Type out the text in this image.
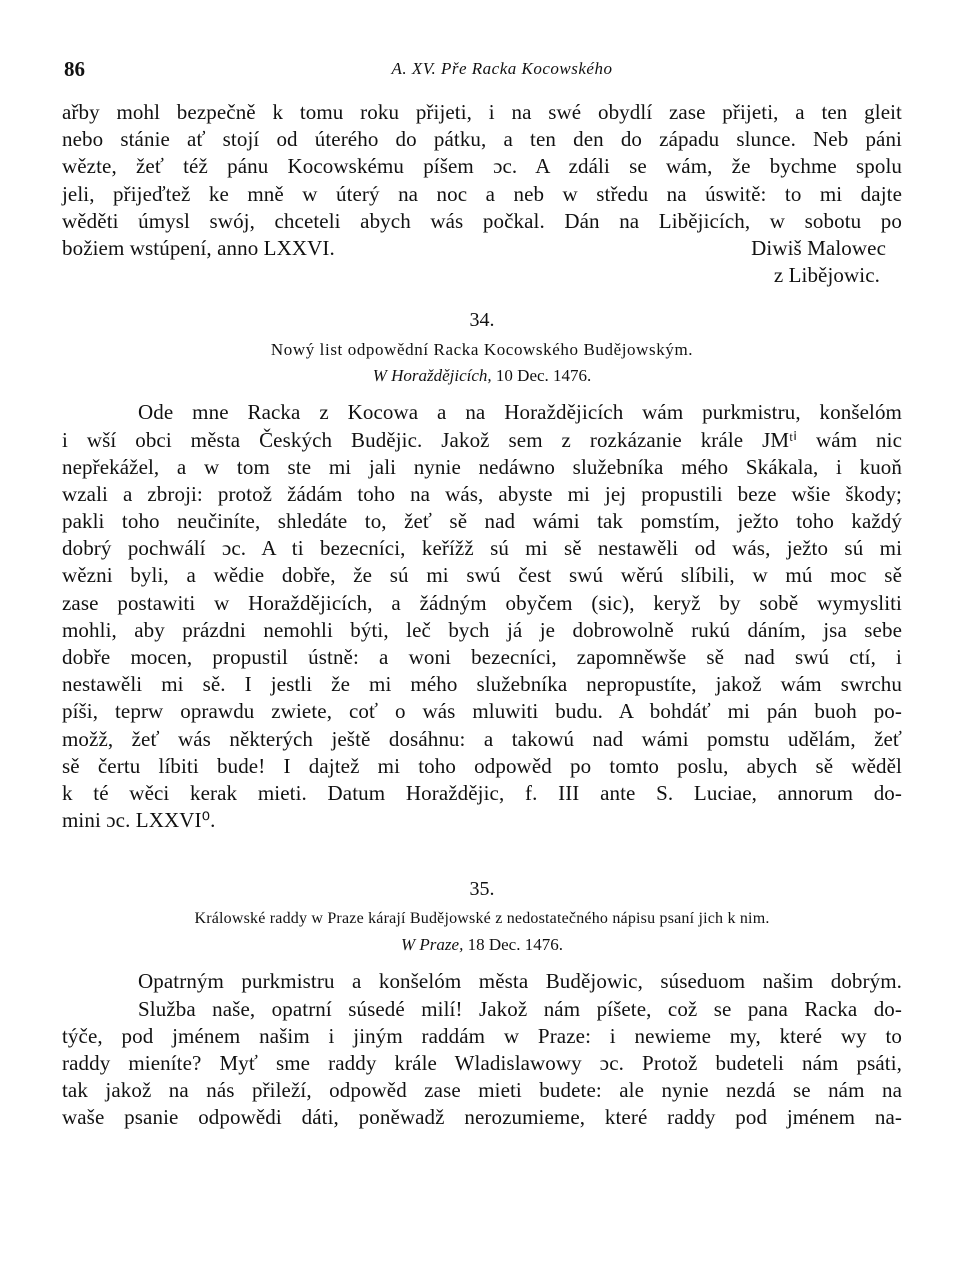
86	A. XV. Pře Racka Kocowského
ařby mohl bezpečně k tomu roku přijeti, i na swé obydlí zase přijeti, a ten gleit
nebo stánie ať stojí od úterého do pátku, a ten den do západu slunce. Neb páni
wězte, žeť též pánu Kocowskému píšem ɔc. A zdáli se wám, že bychme spolu
jeli, přijeďtež ke mně w úterý na noc a neb w středu na úswitě: to mi dajte
wěděti úmysl swój, chceteli abych wás počkal. Dán na Libějicích, w sobotu po
božiem wstúpení, anno LXXVI.	Diwiš Malowec
z Libějowic.
34.
Nowý list odpowědní Racka Kocowského Budějowským.
W Horaždějicích, 10 Dec. 1476.
Ode mne Racka z Kocowa a na Horaždějicích wám purkmistru, konšelóm
i wší obci města Českých Budějic. Jakož sem z rozkázanie krále JMᵗⁱ wám nic
nepřekážel, a w tom ste mi jali nynie nedáwno služebníka mého Skákala, i kuoň
wzali a zbroji: protož žádám toho na wás, abyste mi jej propustili beze wšie škody;
pakli toho neučiníte, shledáte to, žeť sě nad wámi tak pomstím, ježto toho každý
dobrý pochwálí ɔc. A ti bezecníci, keřížž sú mi sě nestawěli od wás, ježto sú mi
wězni byli, a wědie dobře, že sú mi swú čest swú wěrú slíbili, w mú moc sě
zase postawiti w Horaždějicích, a žádným obyčem (sic), keryž by sobě wymysliti
mohli, aby prázdni nemohli býti, leč bych já je dobrowolně rukú dáním, jsa sebe
dobře mocen, propustil ústně: a woni bezecníci, zapomněwše sě nad swú ctí, i
nestawěli mi sě. I jestli že mi mého služebníka nepropustíte, jakož wám swrchu
píši, teprw oprawdu zwiete, coť o wás mluwiti budu. A bohdáť mi pán buoh po-
možž, žeť wás některých ještě dosáhnu: a takowú nad wámi pomstu udělám, žeť
sě čertu líbiti bude! I dajtež mi toho odpowěd po tomto poslu, abych sě wěděl
k té wěci kerak mieti. Datum Horaždějic, f. III ante S. Luciae, annorum do-
mini ɔc. LXXVI⁰.
35.
Králowské raddy w Praze kárají Budějowské z nedostatečného nápisu psaní jich k nim.
W Praze, 18 Dec. 1476.
Opatrným purkmistru a konšelóm města Budějowic, súseduom našim dobrým.
Služba naše, opatrní súsedé milí! Jakož nám píšete, což se pana Racka do-
týče, pod jménem našim i jiným raddám w Praze: i newieme my, které wy to
raddy mieníte? Myť sme raddy krále Wladislawowy ɔc. Protož budeteli nám psáti,
tak jakož na nás přileží, odpowěd zase mieti budete: ale nynie nezdá se nám na
waše psanie odpowědi dáti, poněwadž nerozumieme, které raddy pod jménem na-
